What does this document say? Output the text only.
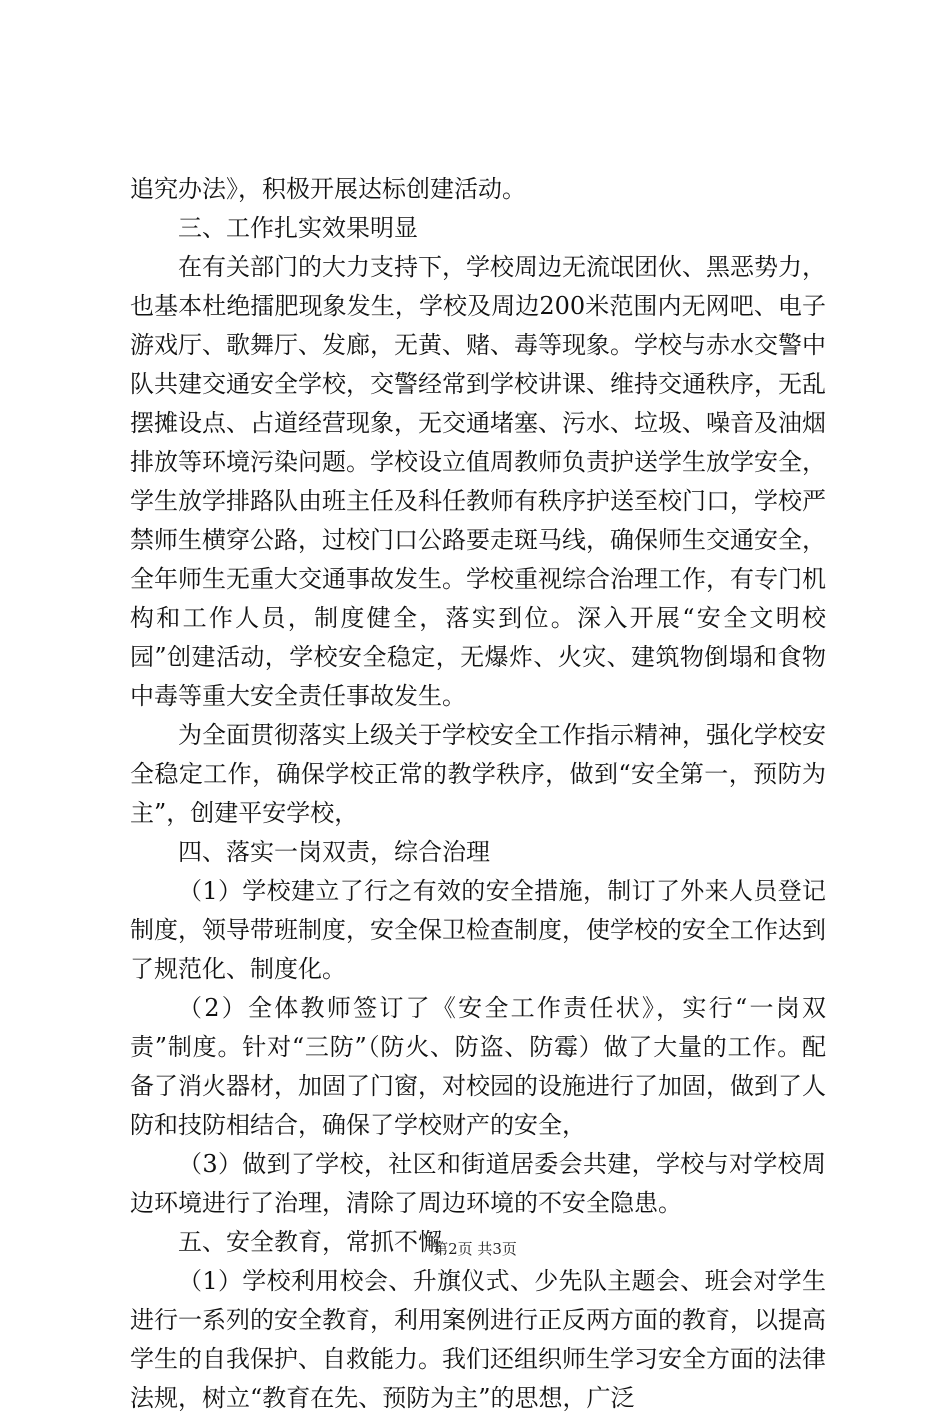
追究办法》，积极开展达标创建活动。

三、工作扎实效果明显

在有关部门的大力支持下，学校周边无流氓团伙、黑恶势力，也基本杜绝擂肥现象发生，学校及周边200米范围内无网吧、电子游戏厅、歌舞厅、发廊，无黄、赌、毒等现象。学校与赤水交警中队共建交通安全学校，交警经常到学校讲课、维持交通秩序，无乱摆摊设点、占道经营现象，无交通堵塞、污水、垃圾、噪音及油烟排放等环境污染问题。学校设立值周教师负责护送学生放学安全，学生放学排路队由班主任及科任教师有秩序护送至校门口，学校严禁师生横穿公路，过校门口公路要走斑马线，确保师生交通安全，全年师生无重大交通事故发生。学校重视综合治理工作，有专门机构和工作人员，制度健全，落实到位。深入开展“安全文明校园”创建活动，学校安全稳定，无爆炸、火灾、建筑物倒塌和食物中毒等重大安全责任事故发生。

为全面贯彻落实上级关于学校安全工作指示精神，强化学校安全稳定工作，确保学校正常的教学秩序，做到“安全第一，预防为主”，创建平安学校，

四、落实一岗双责，综合治理

（1）学校建立了行之有效的安全措施，制订了外来人员登记制度，领导带班制度，安全保卫检查制度，使学校的安全工作达到了规范化、制度化。

（2）全体教师签订了《安全工作责任状》，实行“一岗双责”制度。针对“三防”（防火、防盗、防霉）做了大量的工作。配备了消火器材，加固了门窗，对校园的设施进行了加固，做到了人防和技防相结合，确保了学校财产的安全，

（3）做到了学校，社区和街道居委会共建，学校与对学校周边环境进行了治理，清除了周边环境的不安全隐患。

五、安全教育，常抓不懈

（1）学校利用校会、升旗仪式、少先队主题会、班会对学生进行一系列的安全教育，利用案例进行正反两方面的教育，以提高学生的自我保护、自救能力。我们还组织师生学习安全方面的法律法规，树立“教育在先、预防为主”的思想，广泛

第2页 共3页
